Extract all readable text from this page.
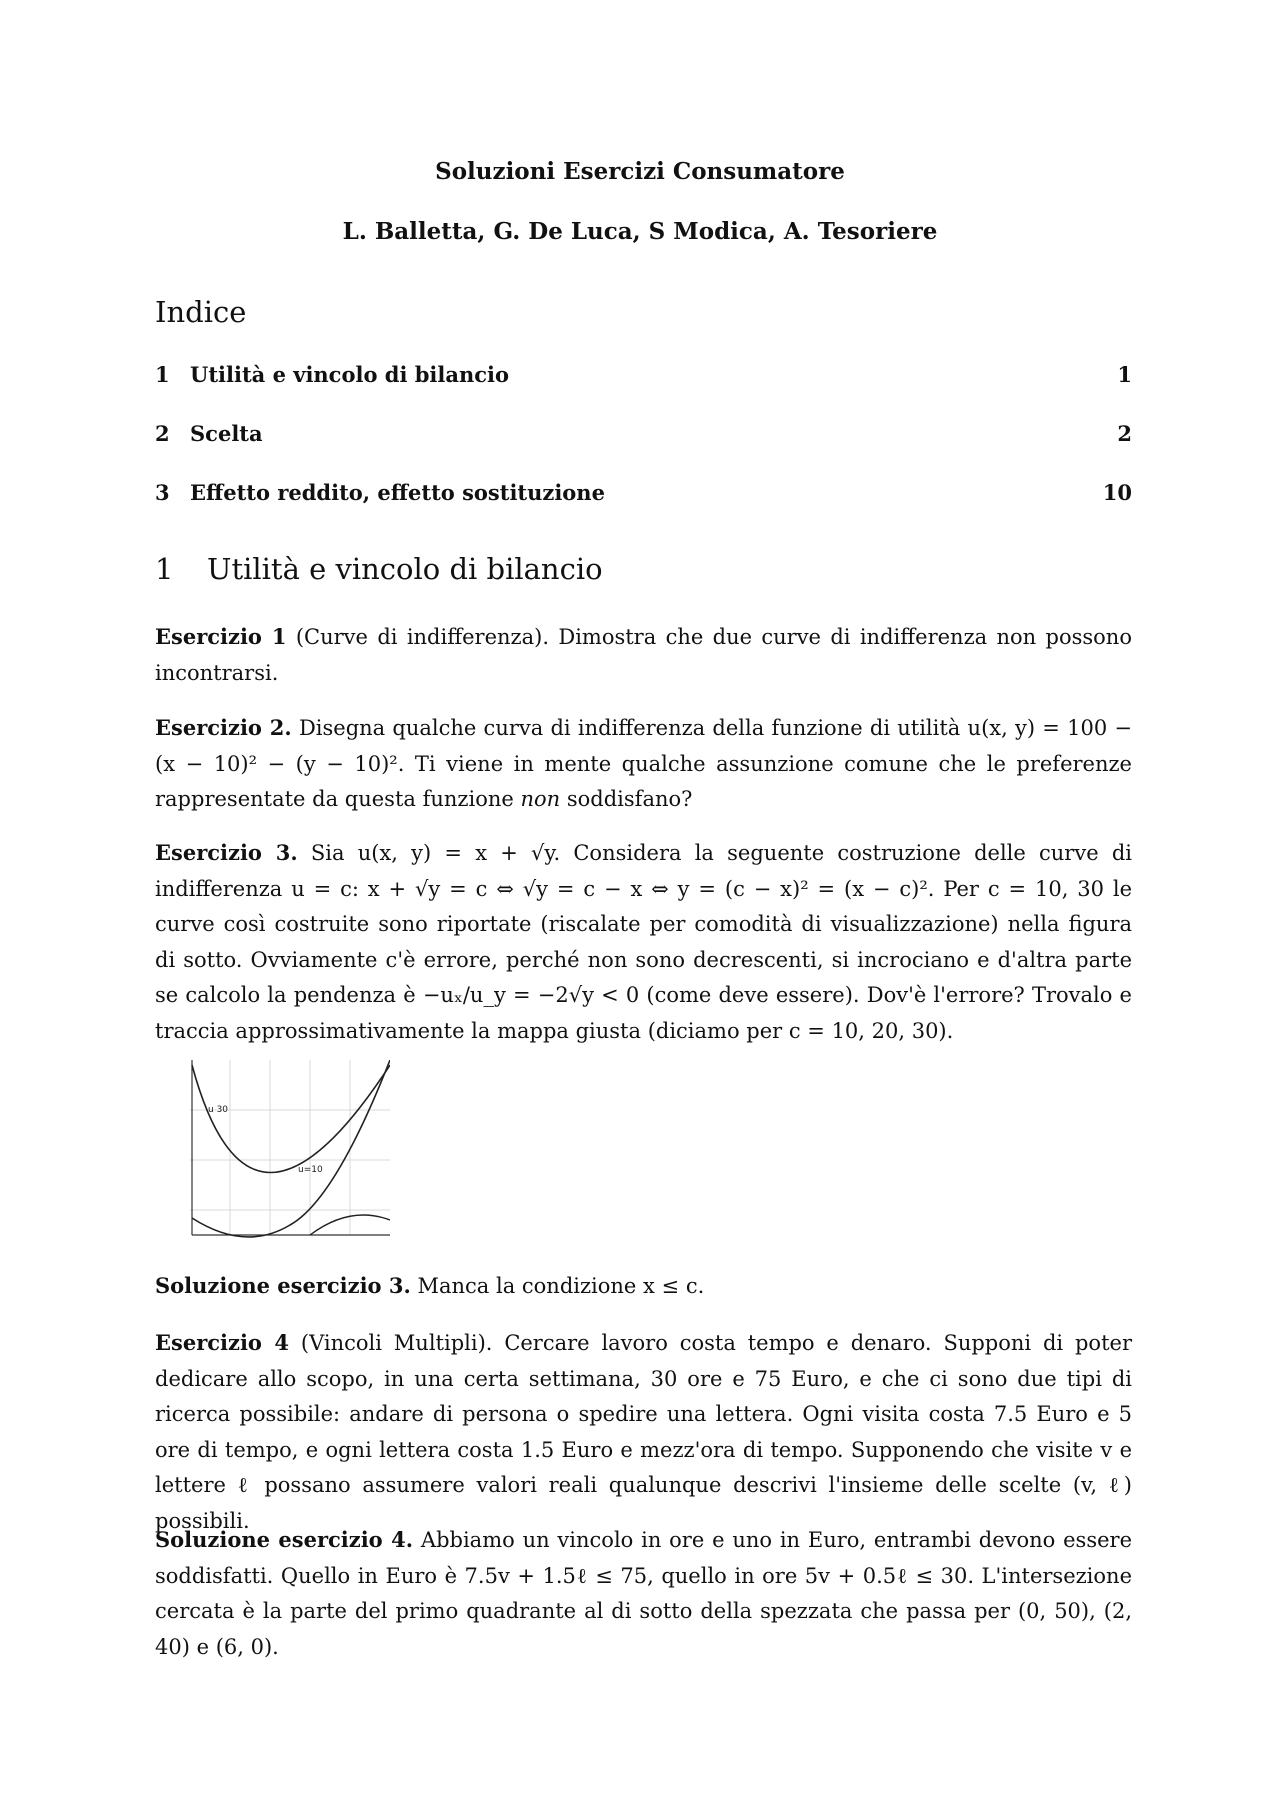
Soluzioni Esercizi Consumatore
L. Balletta, G. De Luca, S Modica, A. Tesoriere
Indice
1 Utilità e vincolo di bilancio	1
2 Scelta	2
3 Effetto reddito, effetto sostituzione	10
1 Utilità e vincolo di bilancio
Esercizio 1 (Curve di indifferenza). Dimostra che due curve di indifferenza non possono incontrarsi.
Esercizio 2. Disegna qualche curva di indifferenza della funzione di utilità u(x, y) = 100 − (x − 10)² − (y − 10)². Ti viene in mente qualche assunzione comune che le preferenze rappresentate da questa funzione non soddisfano?
Esercizio 3. Sia u(x, y) = x + √y. Considera la seguente costruzione delle curve di indifferenza u = c: x + √y = c ⇔ √y = c − x ⇔ y = (c − x)² = (x − c)². Per c = 10, 30 le curve così costruite sono riportate (riscalate per comodità di visualizzazione) nella figura di sotto. Ovviamente c'è errore, perché non sono decrescenti, si incrociano e d'altra parte se calcolo la pendenza è −uₓ/u_y = −2√y < 0 (come deve essere). Dov'è l'errore? Trovalo e traccia approssimativamente la mappa giusta (diciamo per c = 10, 20, 30).
u 30
u=10
Soluzione esercizio 3. Manca la condizione x ≤ c.
Esercizio 4 (Vincoli Multipli). Cercare lavoro costa tempo e denaro. Supponi di poter dedicare allo scopo, in una certa settimana, 30 ore e 75 Euro, e che ci sono due tipi di ricerca possibile: andare di persona o spedire una lettera. Ogni visita costa 7.5 Euro e 5 ore di tempo, e ogni lettera costa 1.5 Euro e mezz'ora di tempo. Supponendo che visite v e lettere ℓ possano assumere valori reali qualunque descrivi l'insieme delle scelte (v, ℓ) possibili.
Soluzione esercizio 4. Abbiamo un vincolo in ore e uno in Euro, entrambi devono essere soddisfatti. Quello in Euro è 7.5v + 1.5ℓ ≤ 75, quello in ore 5v + 0.5ℓ ≤ 30. L'intersezione cercata è la parte del primo quadrante al di sotto della spezzata che passa per (0, 50), (2, 40) e (6, 0).
